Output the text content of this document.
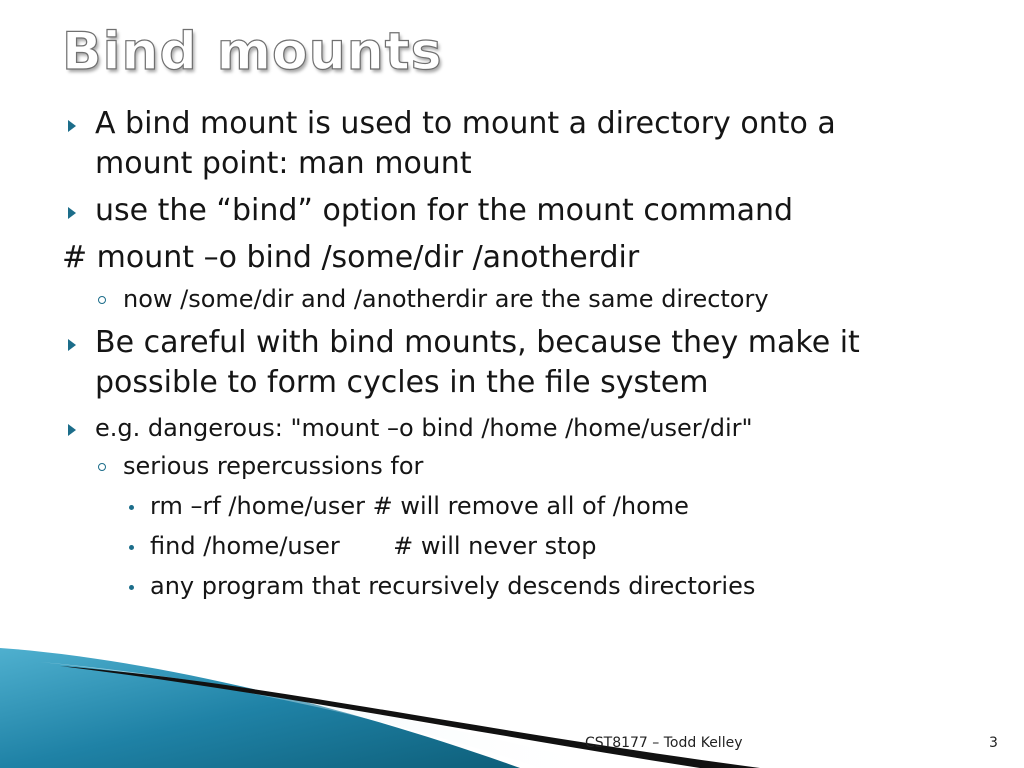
Bind mounts
A bind mount is used to mount a directory onto a
mount point: man mount
use the “bind” option for the mount command
# mount –o bind /some/dir /anotherdir
now /some/dir and /anotherdir are the same directory
Be careful with bind mounts, because they make it
possible to form cycles in the file system
e.g. dangerous: "mount –o bind /home /home/user/dir"
serious repercussions for
rm –rf /home/user # will remove all of /home
find /home/user       # will never stop
any program that recursively descends directories
CST8177 – Todd Kelley	3
